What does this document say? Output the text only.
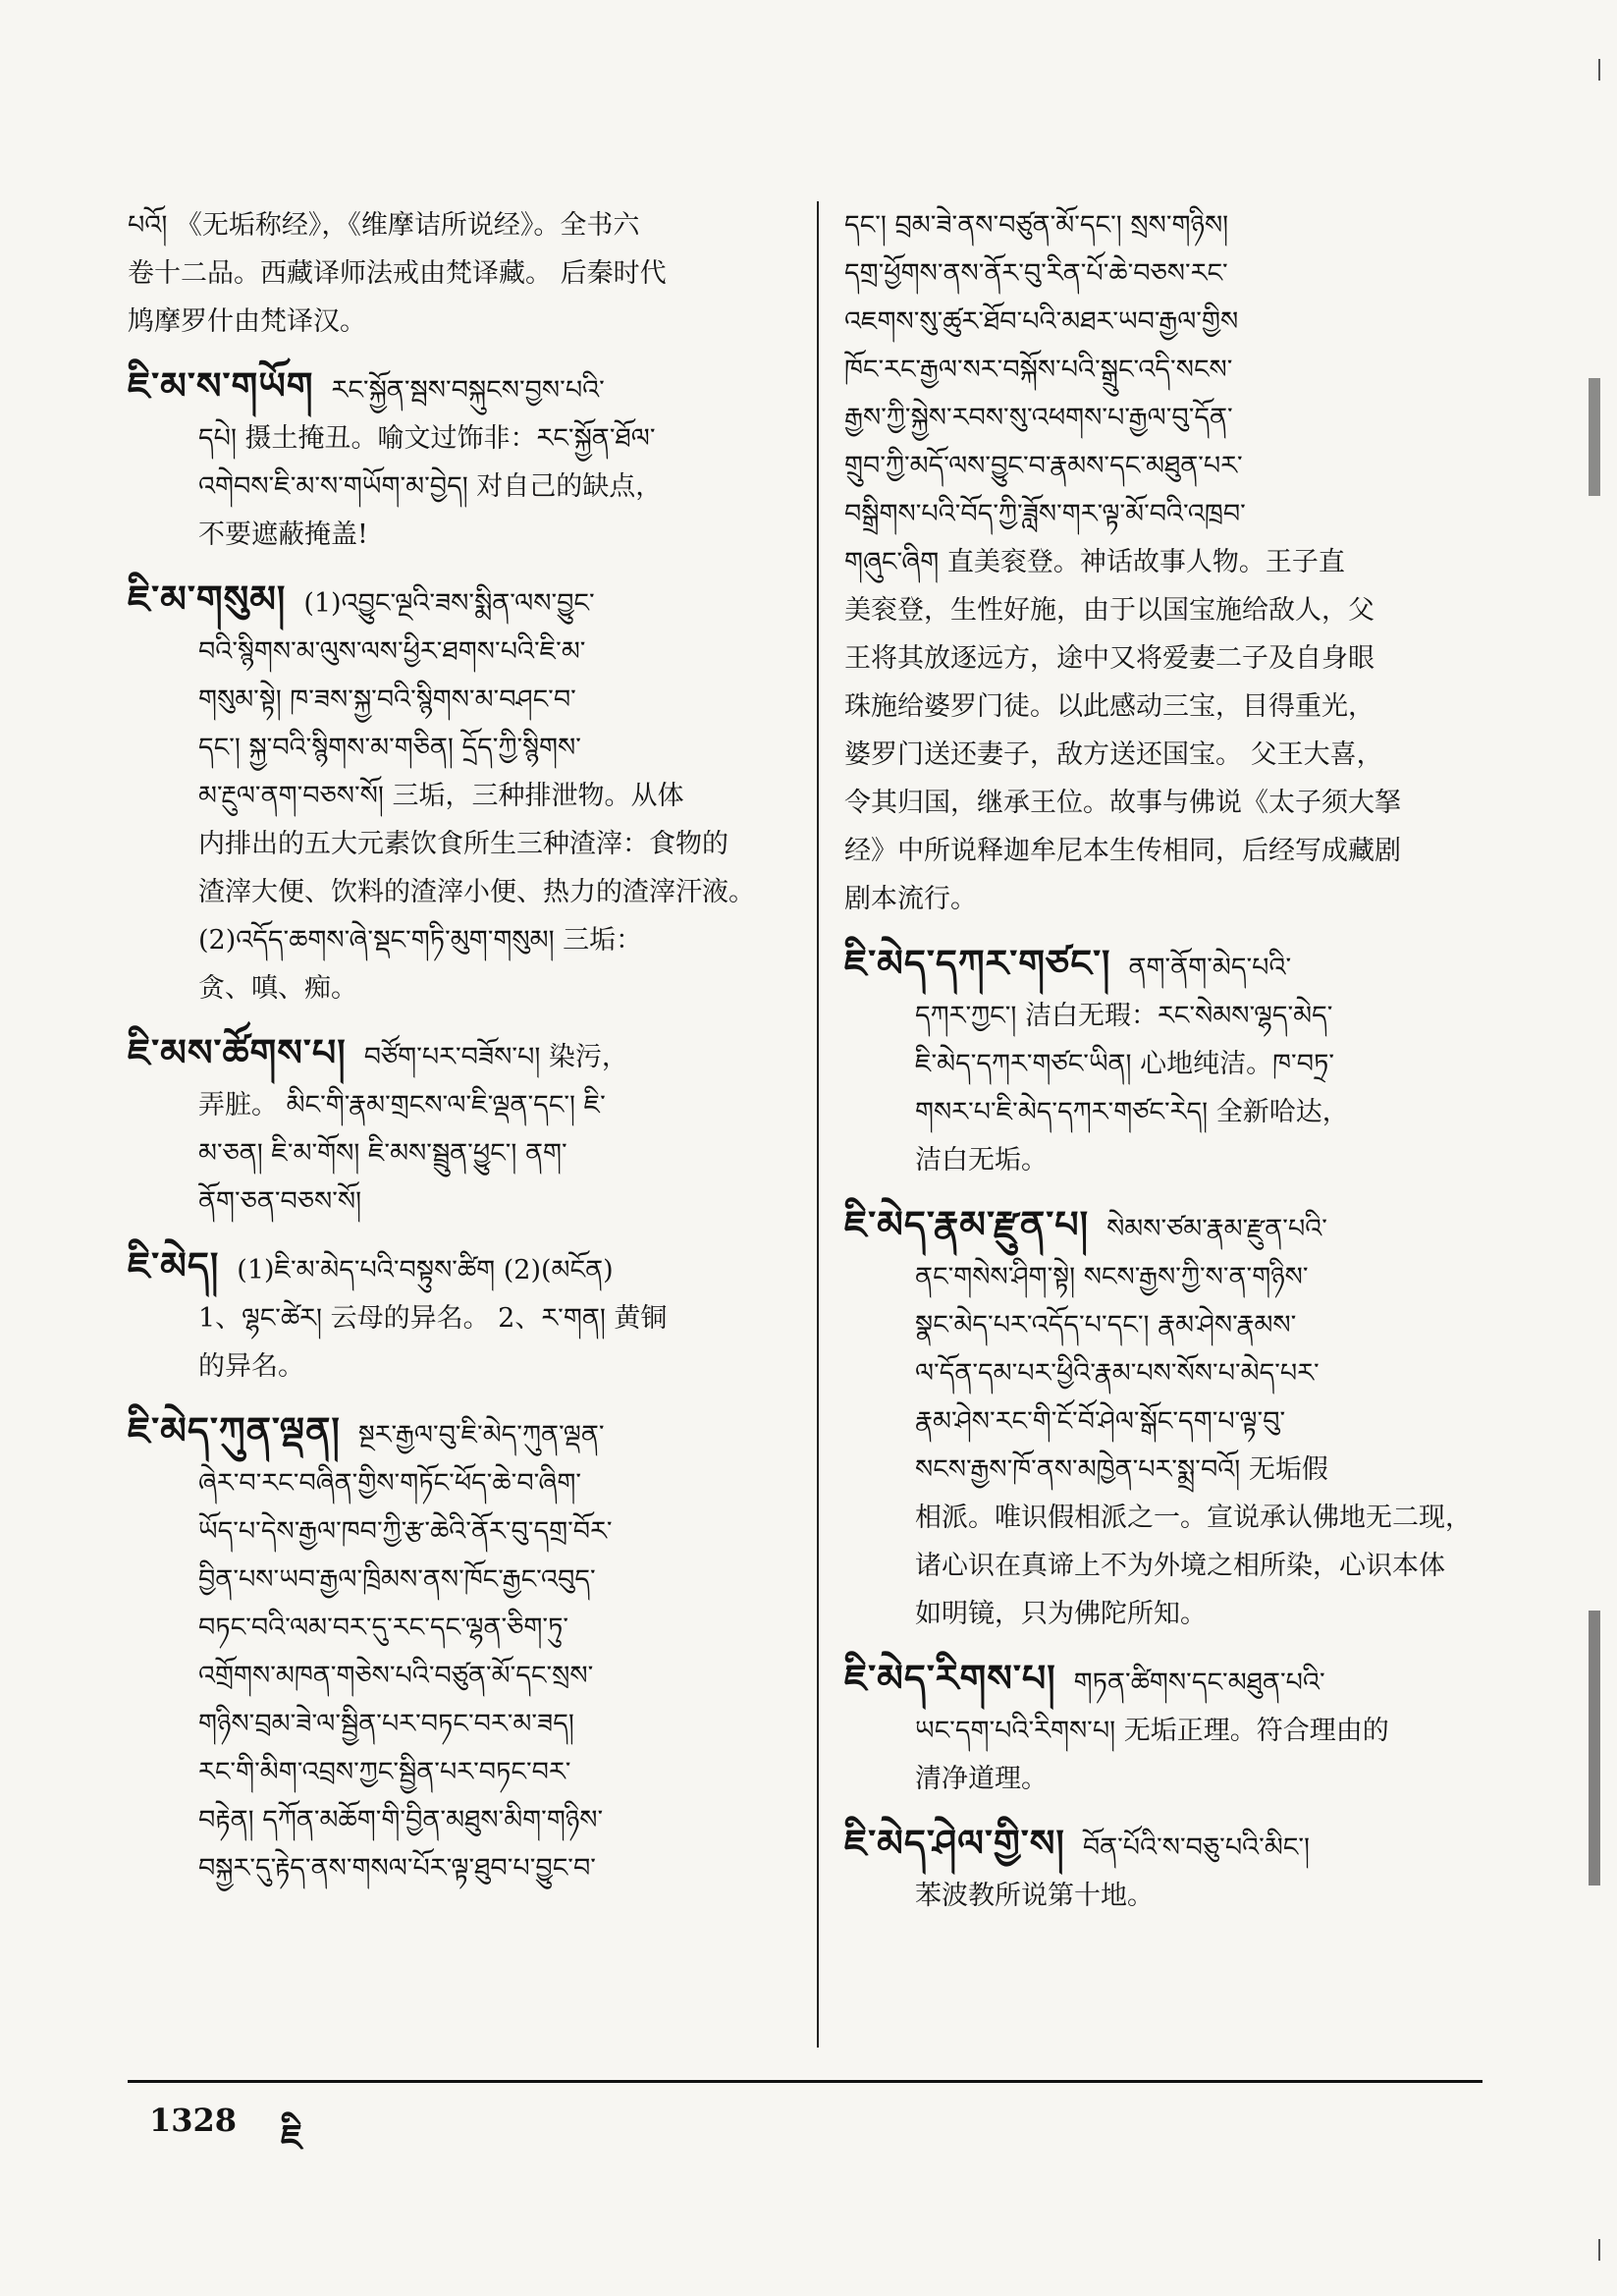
པའོ། 《无垢称经》，《维摩诘所说经》。全书六
卷十二品。西藏译师法戒由梵译藏。 后秦时代
鸠摩罗什由梵译汉。
ཇི་མ་ས་གཡོག རང་སྐྱོན་སྦས་བསྐུངས་བྱས་པའི་
དཔེ། 摄土掩丑。喻文过饰非：རང་སྐྱོན་ཐོལ་
འགེབས་ཇི་མ་ས་གཡོག་མ་བྱེད། 对自己的缺点，
不要遮蔽掩盖!
ཇི་མ་གསུམ། (1)འབྱུང་ལྔའི་ཟས་སྨིན་ལས་བྱུང་
བའི་སྙིགས་མ་ལུས་ལས་ཕྱིར་ཐགས་པའི་ཇི་མ་
གསུམ་སྟེ། ཁ་ཟས་སྐྱ་བའི་སྙིགས་མ་བཤང་བ་
དང་། སྐྱ་བའི་སྙིགས་མ་གཅིན། དྲོད་ཀྱི་སྙིགས་
མ་རྔུལ་ནག་བཅས་སོ། 三垢，三种排泄物。从体
内排出的五大元素饮食所生三种渣滓：食物的
渣滓大便、饮料的渣滓小便、热力的渣滓汗液。
(2)འདོད་ཆགས་ཞེ་སྡང་གཏི་མུག་གསུམ། 三垢：
贪、嗔、痴。
ཇི་མས་ཚོགས་པ། བཙོག་པར་བཟོས་པ། 染污，
弄脏。 མིང་གི་རྣམ་གྲངས་ལ་ཇི་ལྡན་དང་། ཇི་
མ་ཅན། ཇི་མ་གོས། ཇི་མས་སྦྲུན་ཕྱུང་། ནག་
ནོག་ཅན་བཅས་སོ།
ཇི་མེད། (1)ཇི་མ་མེད་པའི་བསྟུས་ཚིག (2)(མངོན)
1、ལྷང་ཚེར། 云母的异名。 2、ར་གན། 黄铜
的异名。
ཇི་མེད་ཀུན་ལྡན། སྔར་རྒྱལ་བུ་ཇི་མེད་ཀུན་ལྡན་
ཞེར་བ་རང་བཞིན་གྱིས་གཏོང་ཕོད་ཆེ་བ་ཞིག་
ཡོད་པ་དེས་རྒྱལ་ཁབ་ཀྱི་རྩ་ཆེའི་ནོར་བུ་དགྲ་བོར་
བྱིན་པས་ཡབ་རྒྱལ་ཁྲིམས་ནས་ཁོང་རྒྱང་འབུད་
བཏང་བའི་ལམ་བར་དུ་རང་དང་ལྷན་ཅིག་ཏུ་
འགྲོགས་མཁན་གཅེས་པའི་བཙུན་མོ་དང་སྲས་
གཉིས་བྲམ་ཟེ་ལ་སྦྱིན་པར་བཏང་བར་མ་ཟད།
རང་གི་མིག་འབྲས་ཀྱང་སྦྱིན་པར་བཏང་བར་
བརྟེན། དཀོན་མཆོག་གི་བྱིན་མཐུས་མིག་གཉིས་
བསྐྱར་དུ་རྟེད་ནས་གསལ་པོར་ལྟ་ཐུབ་པ་བྱུང་བ་
དང་། བྲམ་ཟེ་ནས་བཙུན་མོ་དང་། སྲས་གཉིས།
དགྲ་ཕྱོགས་ནས་ནོར་བུ་རིན་པོ་ཆེ་བཅས་རང་
འཇགས་སུ་ཚུར་ཐོབ་པའི་མཐར་ཡབ་རྒྱལ་གྱིས
ཁོང་རང་རྒྱལ་སར་བསྐོས་པའི་སྒྲུང་འདི་སངས་
རྒྱས་ཀྱི་སྐྱེས་རབས་སུ་འཕགས་པ་རྒྱལ་བུ་དོན་
གྲུབ་ཀྱི་མདོ་ལས་བྱུང་བ་རྣམས་དང་མཐུན་པར་
བསྒྲིགས་པའི་བོད་ཀྱི་ཟློས་གར་ལྟ་མོ་བའི་འཁྲབ་
གཞུང་ཞིག 直美衮登。神话故事人物。王子直
美衮登，生性好施，由于以国宝施给敌人，父
王将其放逐远方，途中又将爱妻二子及自身眼
珠施给婆罗门徒。以此感动三宝，目得重光，
婆罗门送还妻子，敌方送还国宝。 父王大喜，
令其归国，继承王位。故事与佛说《太子须大拏
经》中所说释迦牟尼本生传相同，后经写成藏剧
剧本流行。
ཇི་མེད་དཀར་གཙང་། ནག་ནོག་མེད་པའི་
དཀར་ཀྱང་། 洁白无瑕：རང་སེམས་ལྷད་མེད་
ཇི་མེད་དཀར་གཙང་ཡིན། 心地纯洁。ཁ་བཏྲ་
གསར་པ་ཇི་མེད་དཀར་གཙང་རེད། 全新哈达，
洁白无垢。
ཇི་མེད་རྣམ་རྫུན་པ། སེམས་ཙམ་རྣམ་རྫུན་པའི་
ནང་གསེས་ཤིག་སྟེ། སངས་རྒྱས་ཀྱི་ས་ན་གཉིས་
སྣང་མེད་པར་འདོད་པ་དང་། རྣམ་ཤེས་རྣམས་
ལ་དོན་དམ་པར་ཕྱིའི་རྣམ་པས་སོས་པ་མེད་པར་
རྣམ་ཤེས་རང་གི་ངོ་བོ་ཤེལ་སྒོང་དག་པ་ལྟ་བུ་
སངས་རྒྱས་ཁོ་ནས་མཁྱེན་པར་སྨྲ་བའོ། 无垢假
相派。唯识假相派之一。宣说承认佛地无二现，
诸心识在真谛上不为外境之相所染，心识本体
如明镜，只为佛陀所知。
ཇི་མེད་རིགས་པ། གཏན་ཚིགས་དང་མཐུན་པའི་
ཡང་དག་པའི་རིགས་པ། 无垢正理。符合理由的
清净道理。
ཇི་མེད་ཤེལ་གྱི་ས། བོན་པོའི་ས་བཅུ་པའི་མིང་།
苯波教所说第十地。
1328 ཇི
